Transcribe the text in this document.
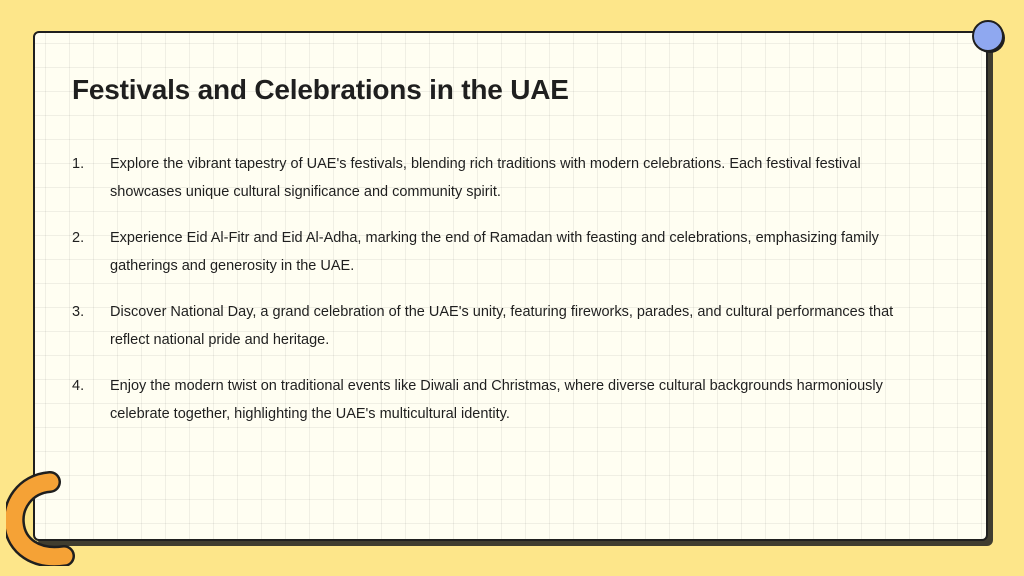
Festivals and Celebrations in the UAE
1.	Explore the vibrant tapestry of UAE's festivals, blending rich traditions with modern celebrations. Each festival festival showcases unique cultural significance and community spirit.
2.	Experience Eid Al-Fitr and Eid Al-Adha, marking the end of Ramadan with feasting and celebrations, emphasizing family gatherings and generosity in the UAE.
3.	Discover National Day, a grand celebration of the UAE's unity, featuring fireworks, parades, and cultural performances that reflect national pride and heritage.
4.	Enjoy the modern twist on traditional events like Diwali and Christmas, where diverse cultural backgrounds harmoniously celebrate together, highlighting the UAE's multicultural identity.
